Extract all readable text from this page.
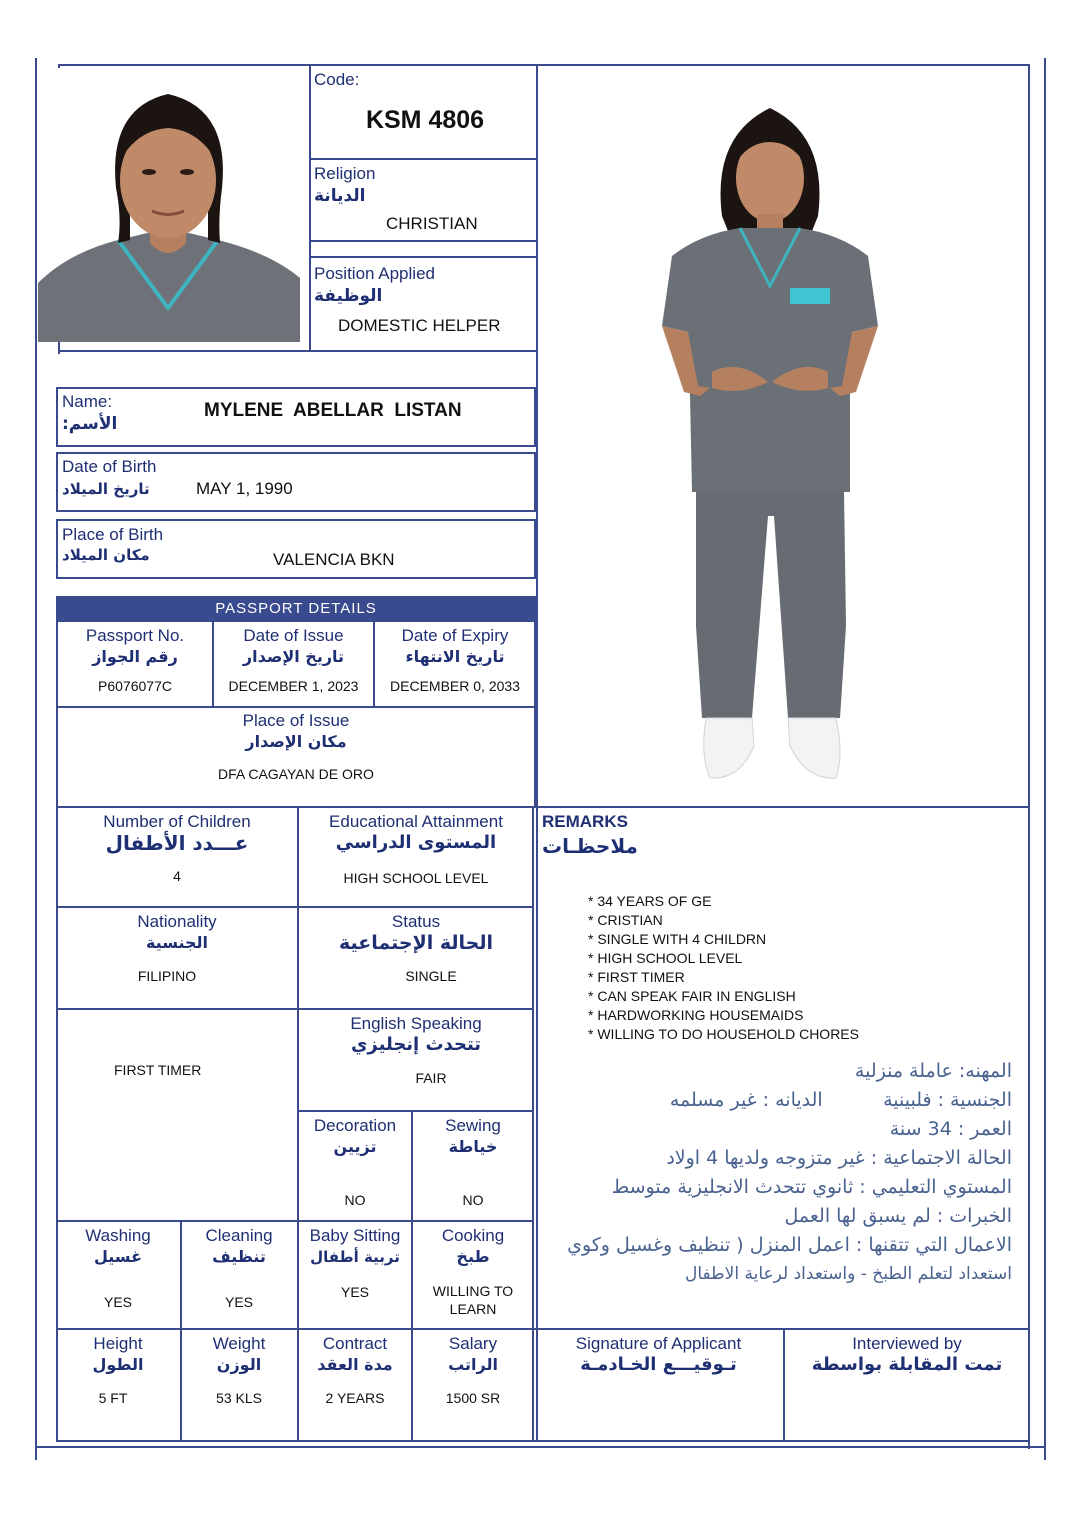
Code:
KSM 4806
Religion
الديانة
CHRISTIAN
Position Applied
الوظيفة
DOMESTIC HELPER
Name:
الأسم:
MYLENE  ABELLAR  LISTAN
Date of Birth
تاريخ الميلاد	MAY 1, 1990
Place of Birth
مكان الميلاد	VALENCIA BKN
PASSPORT DETAILS
Passport No.
رقم الجواز
P6076077C
Date of Issue
تاريخ الإصدار
DECEMBER 1, 2023
Date of Expiry
تاريخ الانتهاء
DECEMBER 0, 2033
Place of Issue
مكان الإصدار
DFA CAGAYAN DE ORO
Number of Children
عـــدد الأطفال
4
Educational Attainment
المستوى الدراسي
HIGH SCHOOL LEVEL
Nationality
الجنسية
FILIPINO
Status
الحالة الإجتماعية
SINGLE
FIRST TIMER
English Speaking
تتحدث إنجليزي
FAIR
Decoration
تزيين
NO
Sewing
خياطة
NO
Washing
غسيل
YES
Cleaning
تنظيف
YES
Baby Sitting
تربية أطفال
YES
Cooking
طبخ
WILLING TO LEARN
Height
الطول
5 FT
Weight
الوزن
53 KLS
Contract
مدة العقد
2 YEARS
Salary
الراتب
1500 SR
Signature of Applicant
تـوقيـــع الخـادمـة
Interviewed by
تمت المقابلة بواسطة
REMARKS
ملاحظـات
* 34 YEARS OF GE
* CRISTIAN
* SINGLE WITH 4 CHILDRN
* HIGH SCHOOL LEVEL
* FIRST TIMER
* CAN SPEAK FAIR IN ENGLISH
* HARDWORKING HOUSEMAIDS
* WILLING TO DO HOUSEHOLD CHORES
المهنه: عاملة منزلية
الجنسية : فلبينية          الديانه : غير مسلمه
العمر : 34 سنة
الحالة الاجتماعية : غير متزوجه ولديها 4 اولاد
المستوي التعليمي : ثانوي تتحدث الانجليزية متوسط
الخبرات : لم يسبق لها العمل
الاعمال التي تتقنها : اعمل المنزل ( تنظيف وغسيل وكوي
استعداد لتعلم الطبخ - واستعداد لرعاية الاطفال
